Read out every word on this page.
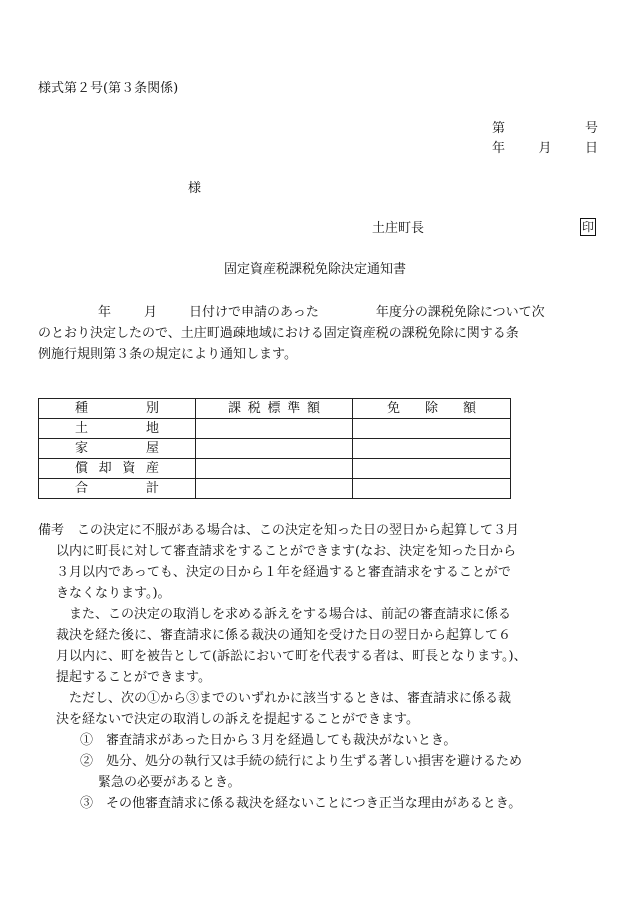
様式第２号(第３条関係)
第	号
年	月	日
様
土庄町長	印
固定資産税課税免除決定通知書
年	月 日付けで申請のあった	年度分の課税免除について次
のとおり決定したので、土庄町過疎地域における固定資産税の課税免除に関する条
例施行規則第３条の規定により通知します。
種 別	課 税 標 準 額	免 除 額

土 地		

家 屋		

償 却 資 産		

合 計		

備考　この決定に不服がある場合は、この決定を知った日の翌日から起算して３月
以内に町長に対して審査請求をすることができます(なお、決定を知った日から
３月以内であっても、決定の日から１年を経過すると審査請求をすることがで
きなくなります。)。
また、この決定の取消しを求める訴えをする場合は、前記の審査請求に係る
裁決を経た後に、審査請求に係る裁決の通知を受けた日の翌日から起算して６
月以内に、町を被告として(訴訟において町を代表する者は、町長となります。)、
提起することができます。
ただし、次の①から③までのいずれかに該当するときは、審査請求に係る裁
決を経ないで決定の取消しの訴えを提起することができます。
①　審査請求があった日から３月を経過しても裁決がないとき。
②　処分、処分の執行又は手続の続行により生ずる著しい損害を避けるため
緊急の必要があるとき。
③　その他審査請求に係る裁決を経ないことにつき正当な理由があるとき。
